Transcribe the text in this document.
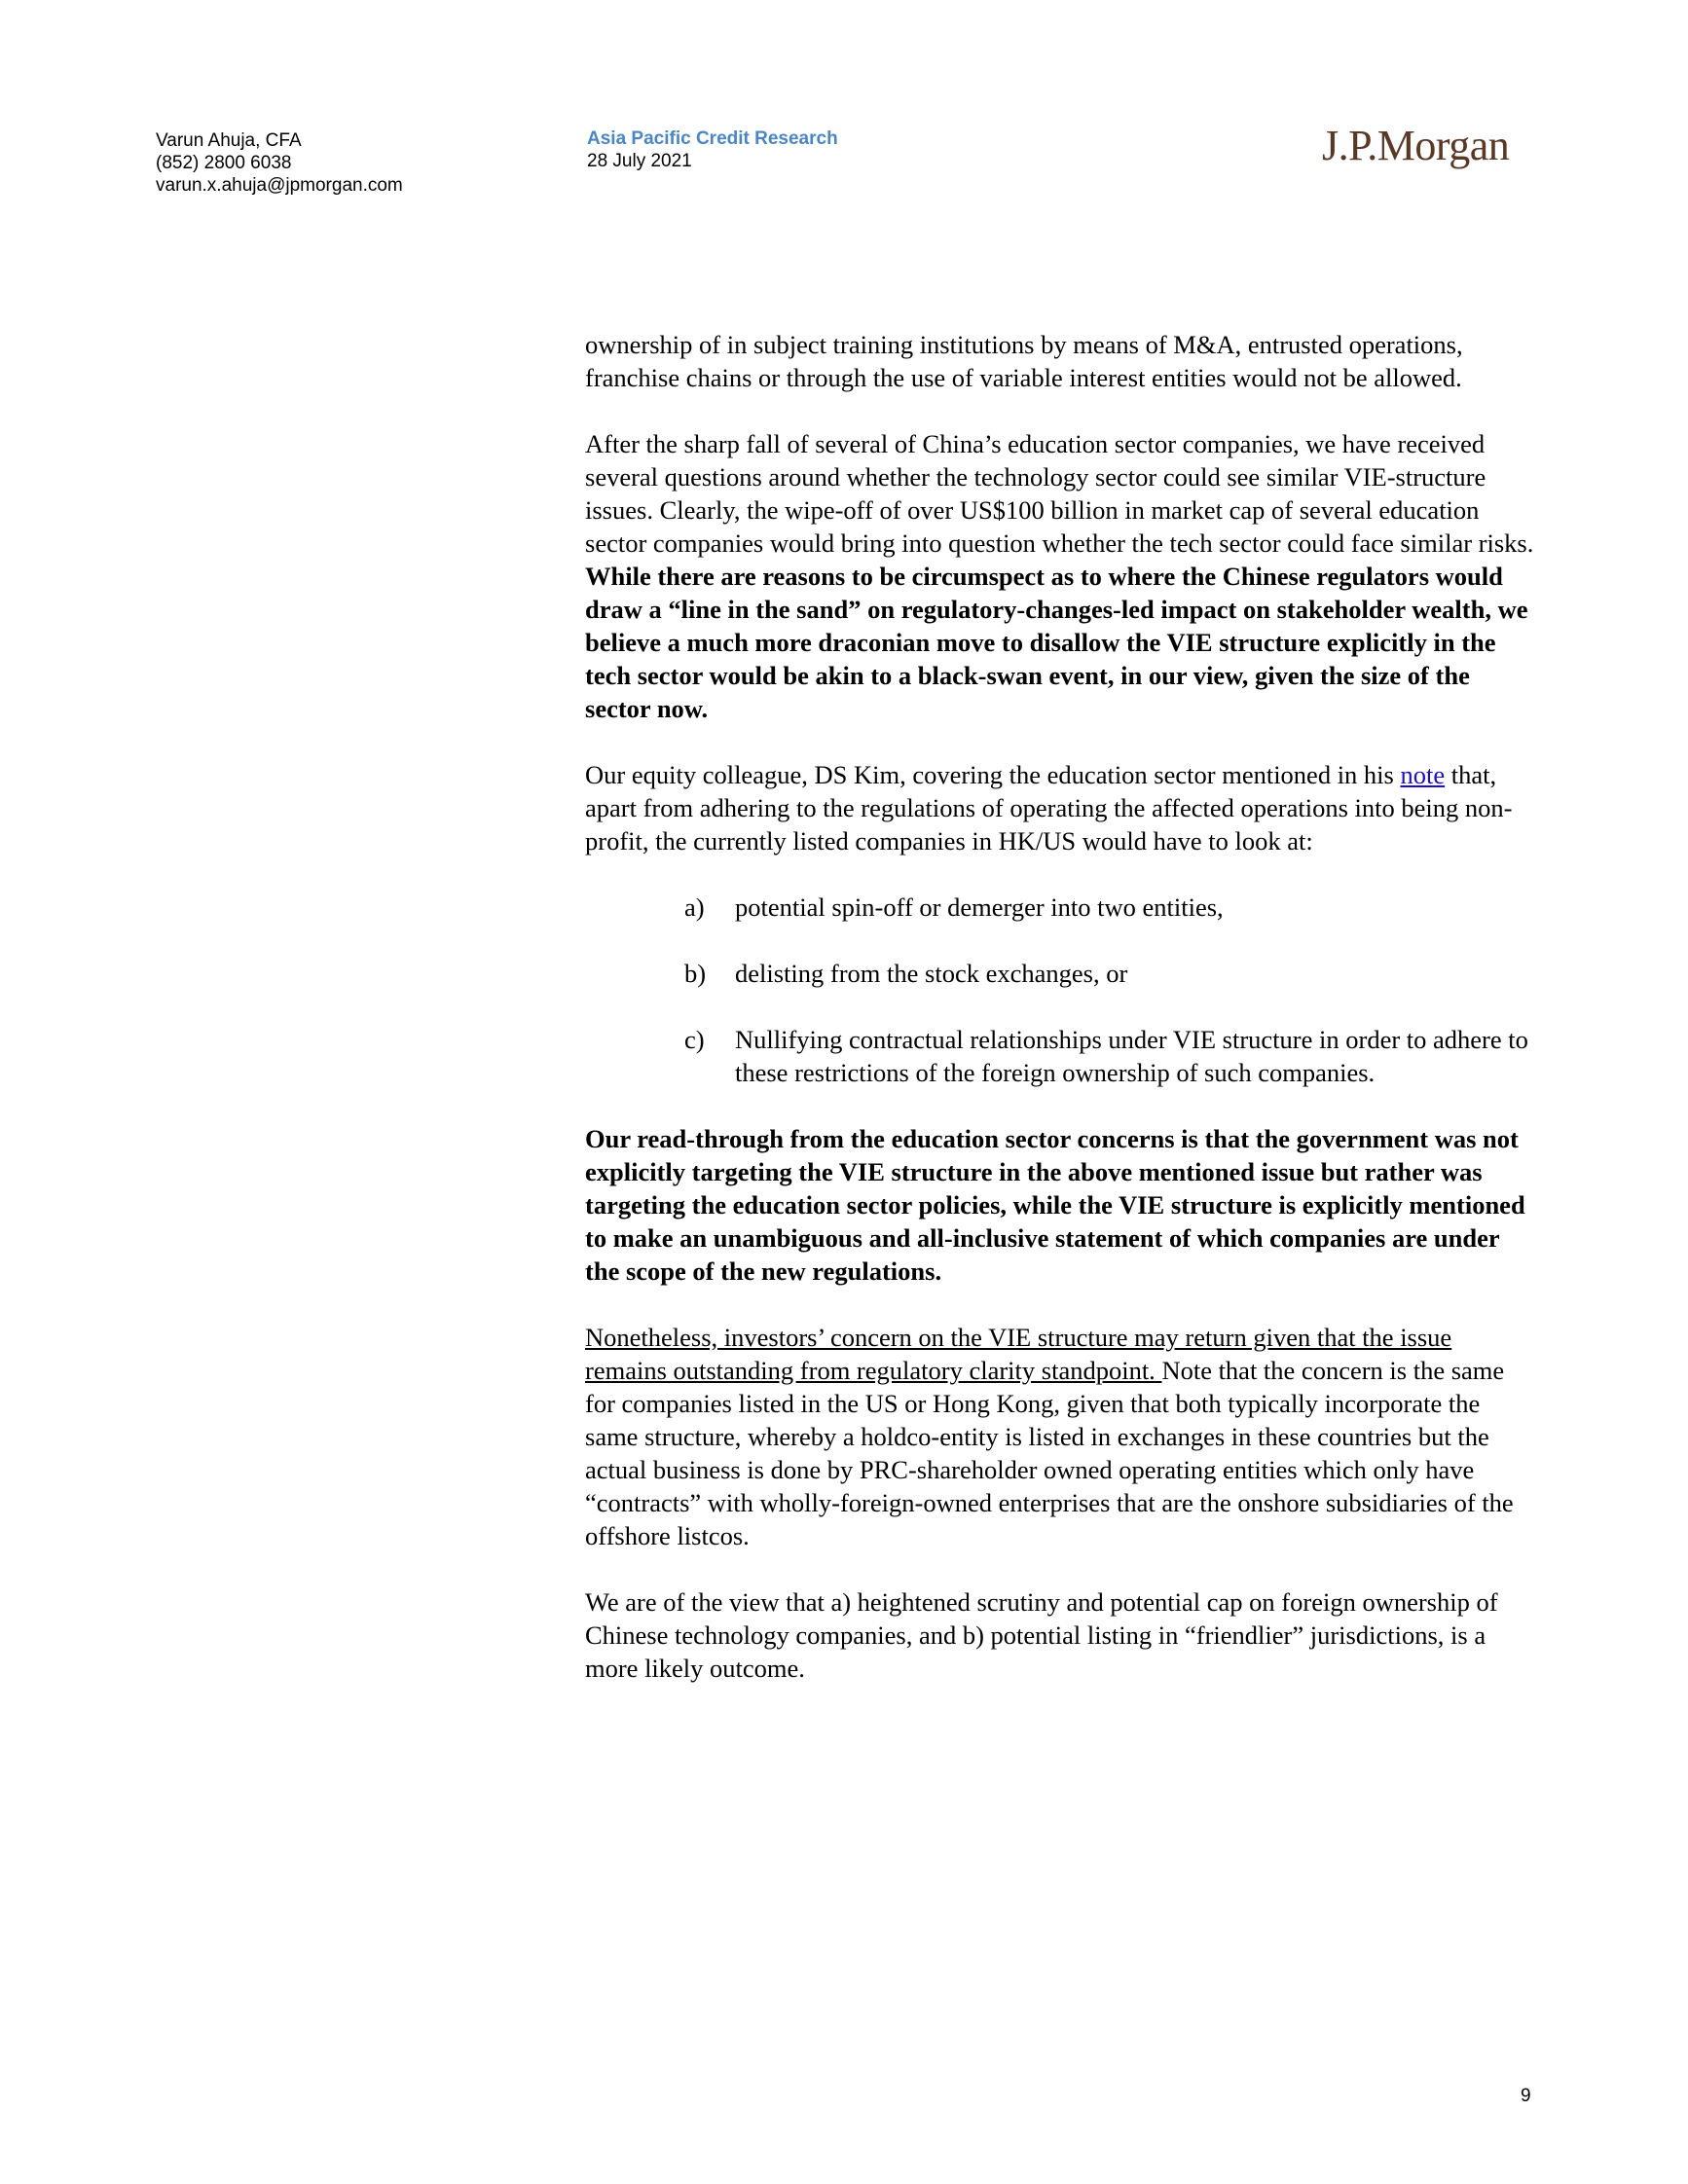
Varun Ahuja, CFA
(852) 2800 6038
varun.x.ahuja@jpmorgan.com
Asia Pacific Credit Research
28 July 2021	J.P.Morgan

ownership of in subject training institutions by means of M&A, entrusted operations, franchise chains or through the use of variable interest entities would not be allowed.

After the sharp fall of several of China’s education sector companies, we have received several questions around whether the technology sector could see similar VIE-structure issues. Clearly, the wipe-off of over US$100 billion in market cap of several education sector companies would bring into question whether the tech sector could face similar risks. While there are reasons to be circumspect as to where the Chinese regulators would draw a “line in the sand” on regulatory-changes-led impact on stakeholder wealth, we believe a much more draconian move to disallow the VIE structure explicitly in the tech sector would be akin to a black-swan event, in our view, given the size of the sector now.

Our equity colleague, DS Kim, covering the education sector mentioned in his note that, apart from adhering to the regulations of operating the affected operations into being non-profit, the currently listed companies in HK/US would have to look at:

a)	potential spin-off or demerger into two entities,
b)	delisting from the stock exchanges, or
c)	Nullifying contractual relationships under VIE structure in order to adhere to these restrictions of the foreign ownership of such companies.

Our read-through from the education sector concerns is that the government was not explicitly targeting the VIE structure in the above mentioned issue but rather was targeting the education sector policies, while the VIE structure is explicitly mentioned to make an unambiguous and all-inclusive statement of which companies are under the scope of the new regulations.

Nonetheless, investors’ concern on the VIE structure may return given that the issue remains outstanding from regulatory clarity standpoint. Note that the concern is the same for companies listed in the US or Hong Kong, given that both typically incorporate the same structure, whereby a holdco-entity is listed in exchanges in these countries but the actual business is done by PRC-shareholder owned operating entities which only have “contracts” with wholly-foreign-owned enterprises that are the onshore subsidiaries of the offshore listcos.

We are of the view that a) heightened scrutiny and potential cap on foreign ownership of Chinese technology companies, and b) potential listing in “friendlier” jurisdictions, is a more likely outcome.

9
